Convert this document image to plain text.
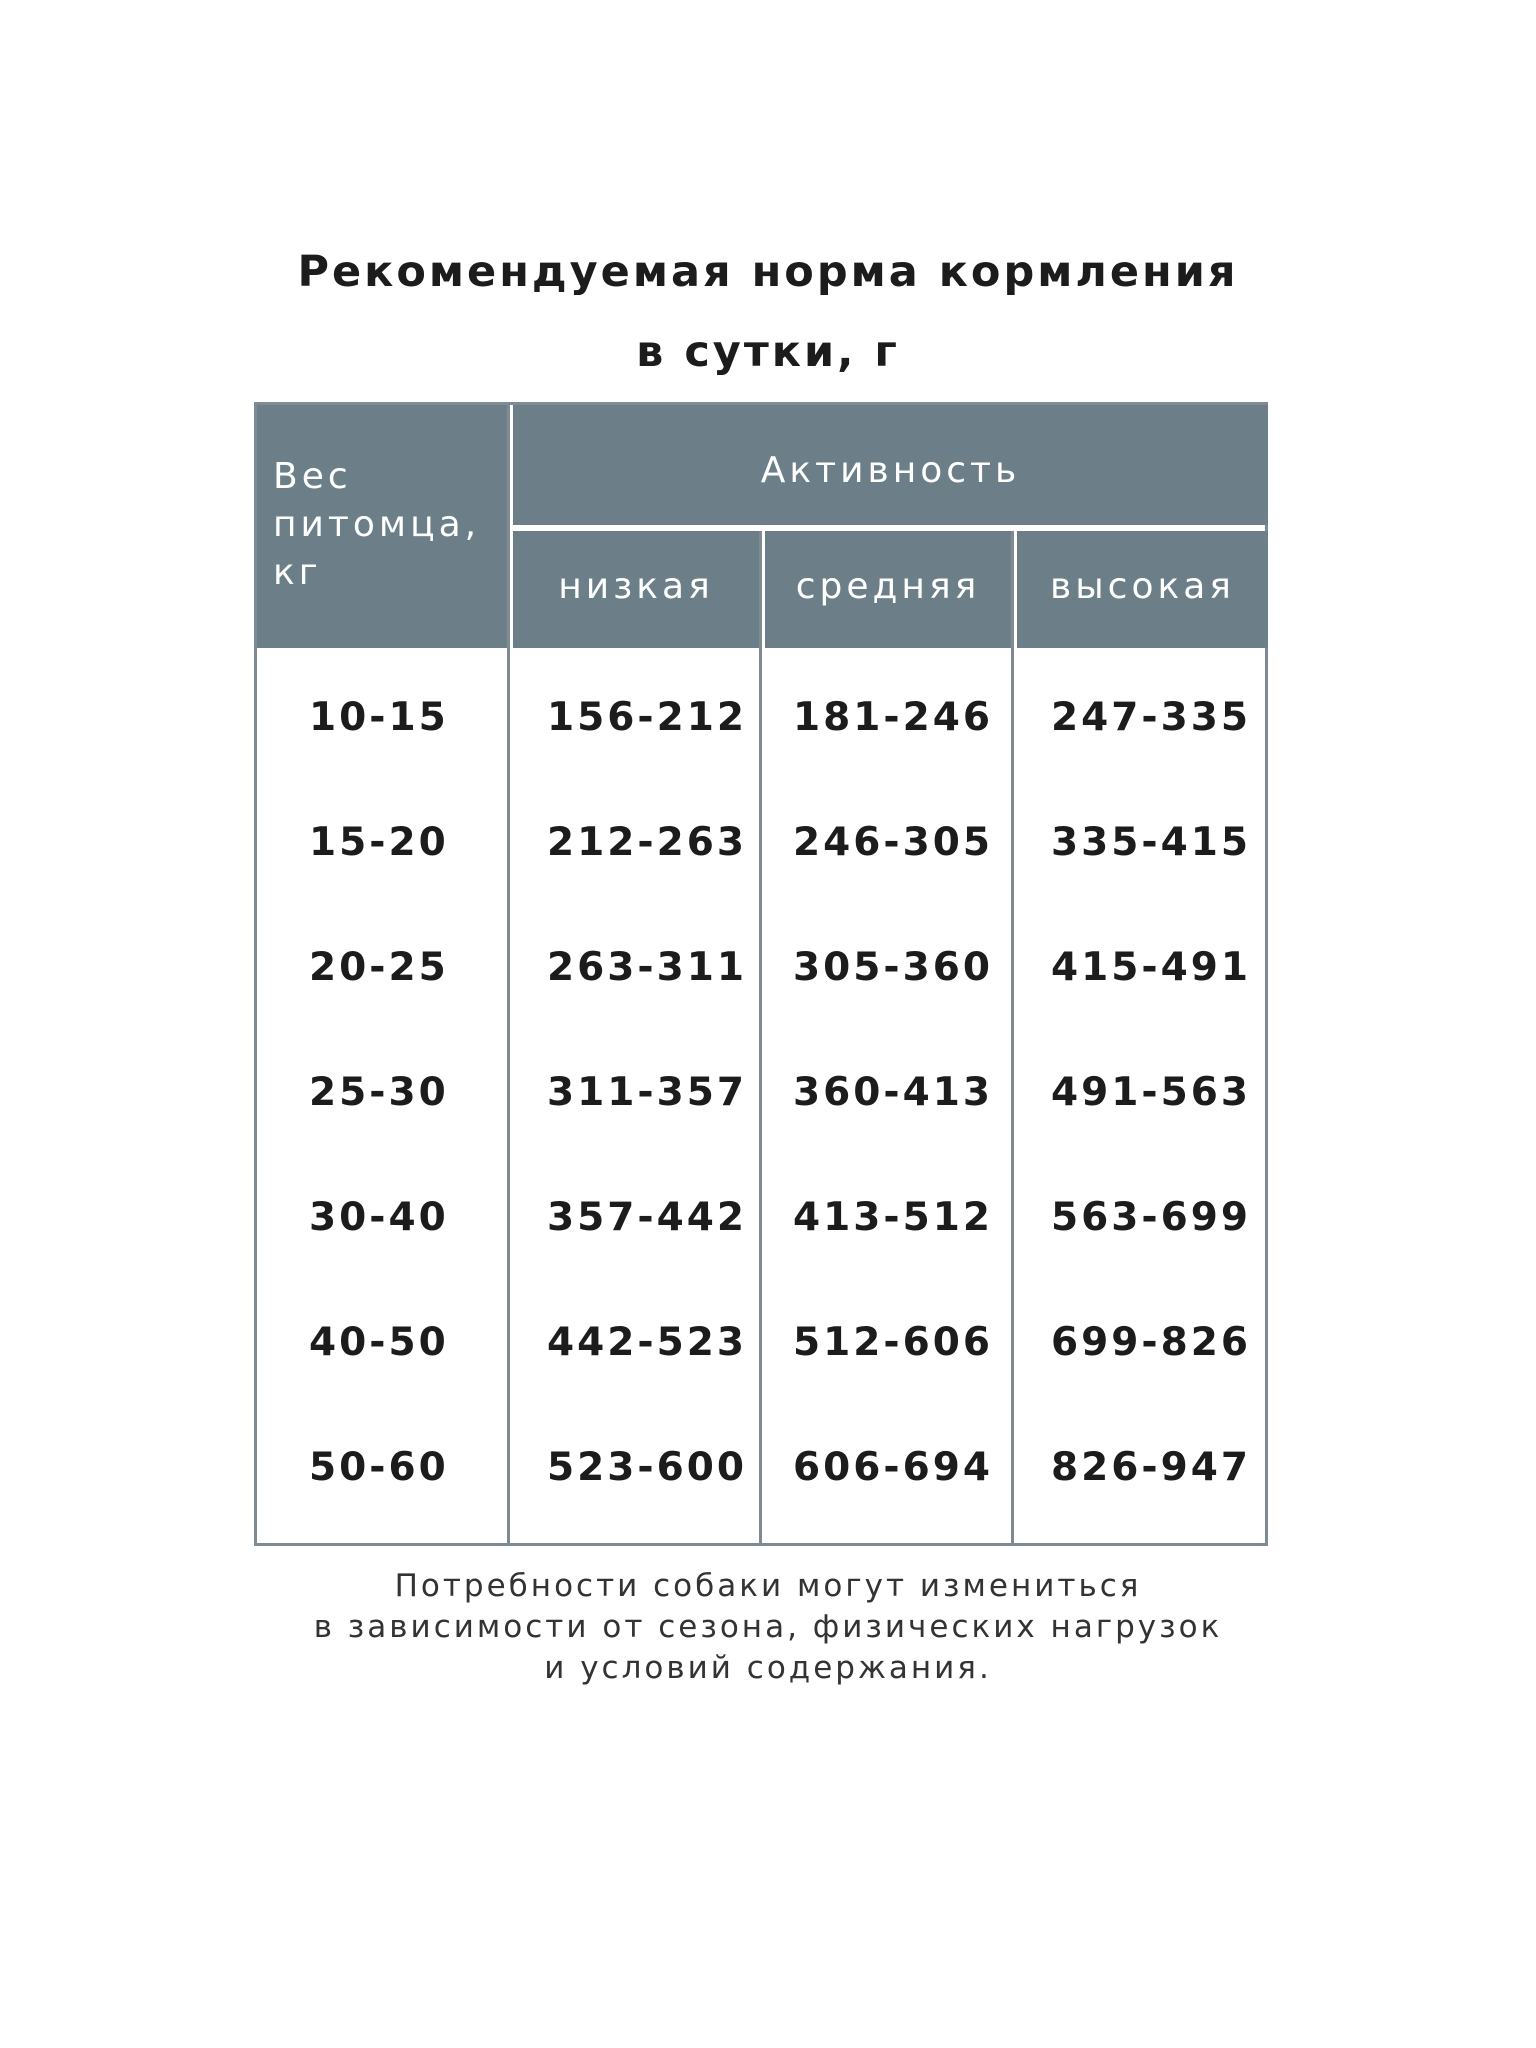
Рекомендуемая норма кормления
в сутки, г
Вес
питомца,
кг
Активность
низкая	средняя	высокая
10-15	156-212 181-246 247-335
15-20	212-263 246-305 335-415
20-25	263-311 305-360 415-491
25-30	311-357 360-413 491-563
30-40	357-442 413-512 563-699
40-50	442-523 512-606 699-826
50-60	523-600 606-694 826-947
Потребности собаки могут измениться
в зависимости от сезона, физических нагрузок
и условий содержания.
